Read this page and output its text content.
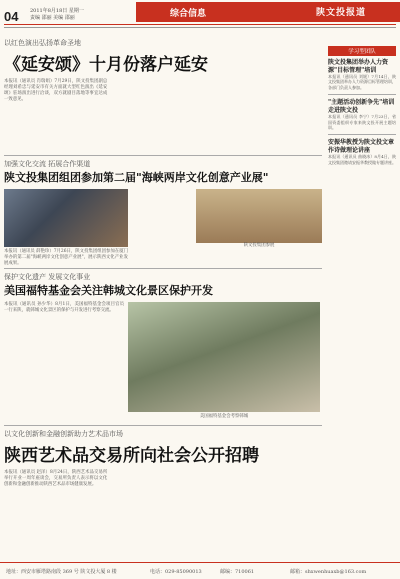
04 2011年8月18日 星期一
责编 邵丽 美编 邵丽	综合信息	陕文投报道
以红色演出弘扬革命圣地
《延安颂》十月份落户延安
本报讯（通讯员 肖瑞娟）7月29日，陕文投集团副总经理刘希忠与延安市有关方面就大型红色演出《延安颂》驻场演出进行洽谈，双方就剧目落地等事宜达成一致意见。
加强文化交流 拓展合作渠道
陕文投集团组团参加第二届"海峡两岸文化创意产业展"
本报讯（通讯员 薛艳珍）7月26日，陕文投集团组团参加在厦门举办的第二届"海峡两岸文化创意产业展"，展示陕西文化产业发展成果。
陕文投集团参展
保护文化遗产 发展文化事业
美国福特基金会关注韩城文化景区保护开发
本报讯（通讯员 孙少华）8月1日，美国福特基金会项目官员一行来陕，就韩城文化景区的保护与开发进行考察交流。
美国福特基金会考察韩城
以文化创新和金融创新助力艺术品市场
陕西艺术品交易所向社会公开招聘
本报讯（通讯员 赵泽）8月24日，陕西艺术品交易所举行开业一周年座谈会，交易所负责人表示将以文化创新和金融创新推动陕西艺术品市场健康发展。
学习型团队
陕文投集团举办人力资源"目标管理"培训
本报讯（通讯员 刘媛）7月14日，陕文投集团举办人力资源目标管理培训，各部门负责人参加。
"主题活动创新争先"培训走进陕文投
本报讯（通讯员 李宁）7月23日，省国资委组织专家来陕文投开展主题培训。
安振华教授为陕文投文章作诗做理论讲座
本报讯（通讯员 曲晓冰）8月4日，陕文投集团邀请安振华教授做专题讲座。
地址：西安市雁塔路南段 369 号 陕文投大厦 8 楼	电话：029-85090013	邮编：710061	邮箱：shxwenhuaxb@163.com
